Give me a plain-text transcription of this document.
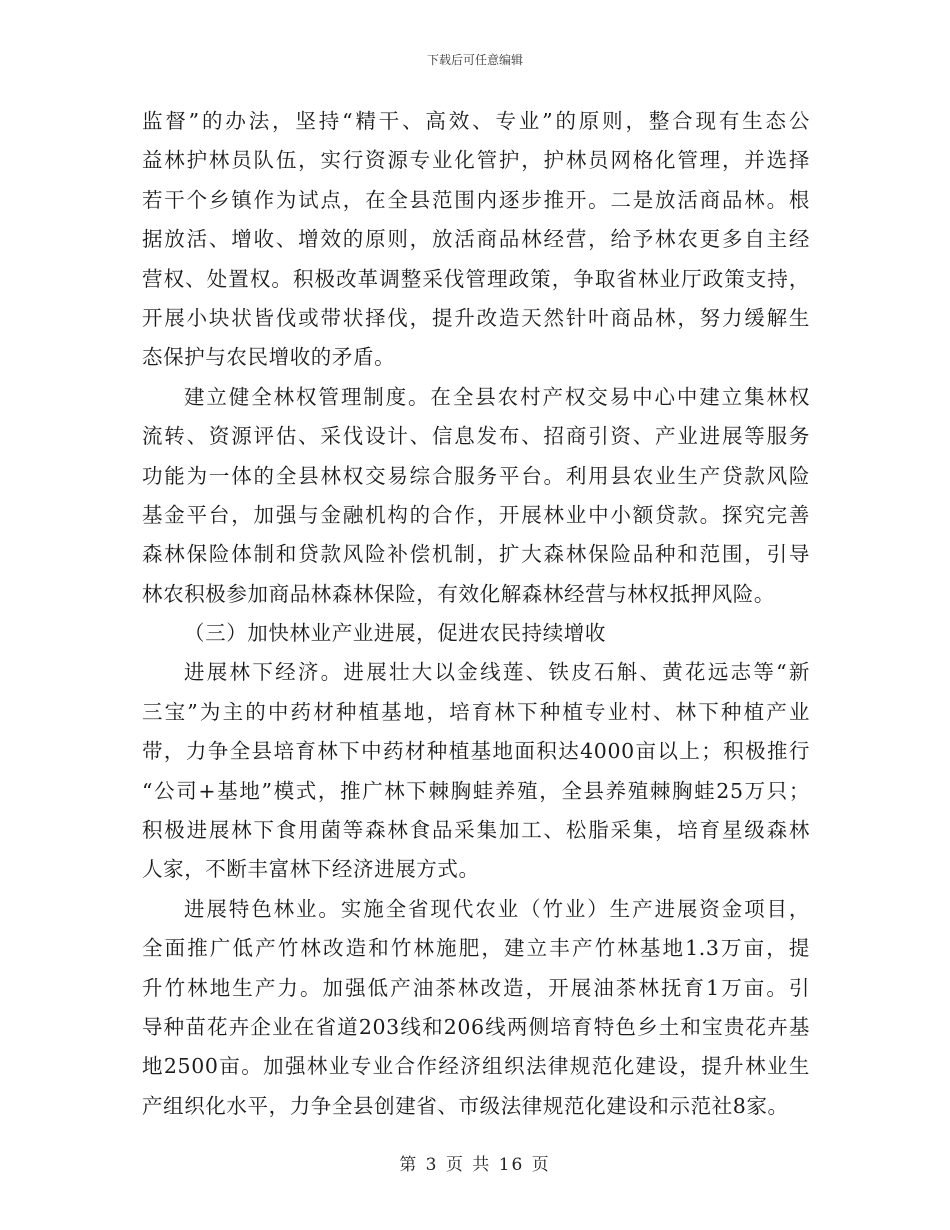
下载后可任意编辑
监督”的办法，坚持“精干、高效、专业”的原则，整合现有生态公
益林护林员队伍，实行资源专业化管护，护林员网格化管理，并选择
若干个乡镇作为试点，在全县范围内逐步推开。二是放活商品林。根
据放活、增收、增效的原则，放活商品林经营，给予林农更多自主经
营权、处置权。积极改革调整采伐管理政策，争取省林业厅政策支持，
开展小块状皆伐或带状择伐，提升改造天然针叶商品林，努力缓解生
态保护与农民增收的矛盾。
建立健全林权管理制度。在全县农村产权交易中心中建立集林权
流转、资源评估、采伐设计、信息发布、招商引资、产业进展等服务
功能为一体的全县林权交易综合服务平台。利用县农业生产贷款风险
基金平台，加强与金融机构的合作，开展林业中小额贷款。探究完善
森林保险体制和贷款风险补偿机制，扩大森林保险品种和范围，引导
林农积极参加商品林森林保险，有效化解森林经营与林权抵押风险。
（三）加快林业产业进展，促进农民持续增收
进展林下经济。进展壮大以金线莲、铁皮石斛、黄花远志等“新
三宝”为主的中药材种植基地，培育林下种植专业村、林下种植产业
带，力争全县培育林下中药材种植基地面积达4000亩以上；积极推行
“公司+基地”模式，推广林下棘胸蛙养殖，全县养殖棘胸蛙25万只；
积极进展林下食用菌等森林食品采集加工、松脂采集，培育星级森林
人家，不断丰富林下经济进展方式。
进展特色林业。实施全省现代农业（竹业）生产进展资金项目，
全面推广低产竹林改造和竹林施肥，建立丰产竹林基地1.3万亩，提
升竹林地生产力。加强低产油茶林改造，开展油茶林抚育1万亩。引
导种苗花卉企业在省道203线和206线两侧培育特色乡土和宝贵花卉基
地2500亩。加强林业专业合作经济组织法律规范化建设，提升林业生
产组织化水平，力争全县创建省、市级法律规范化建设和示范社8家。
第 3 页 共 16 页
